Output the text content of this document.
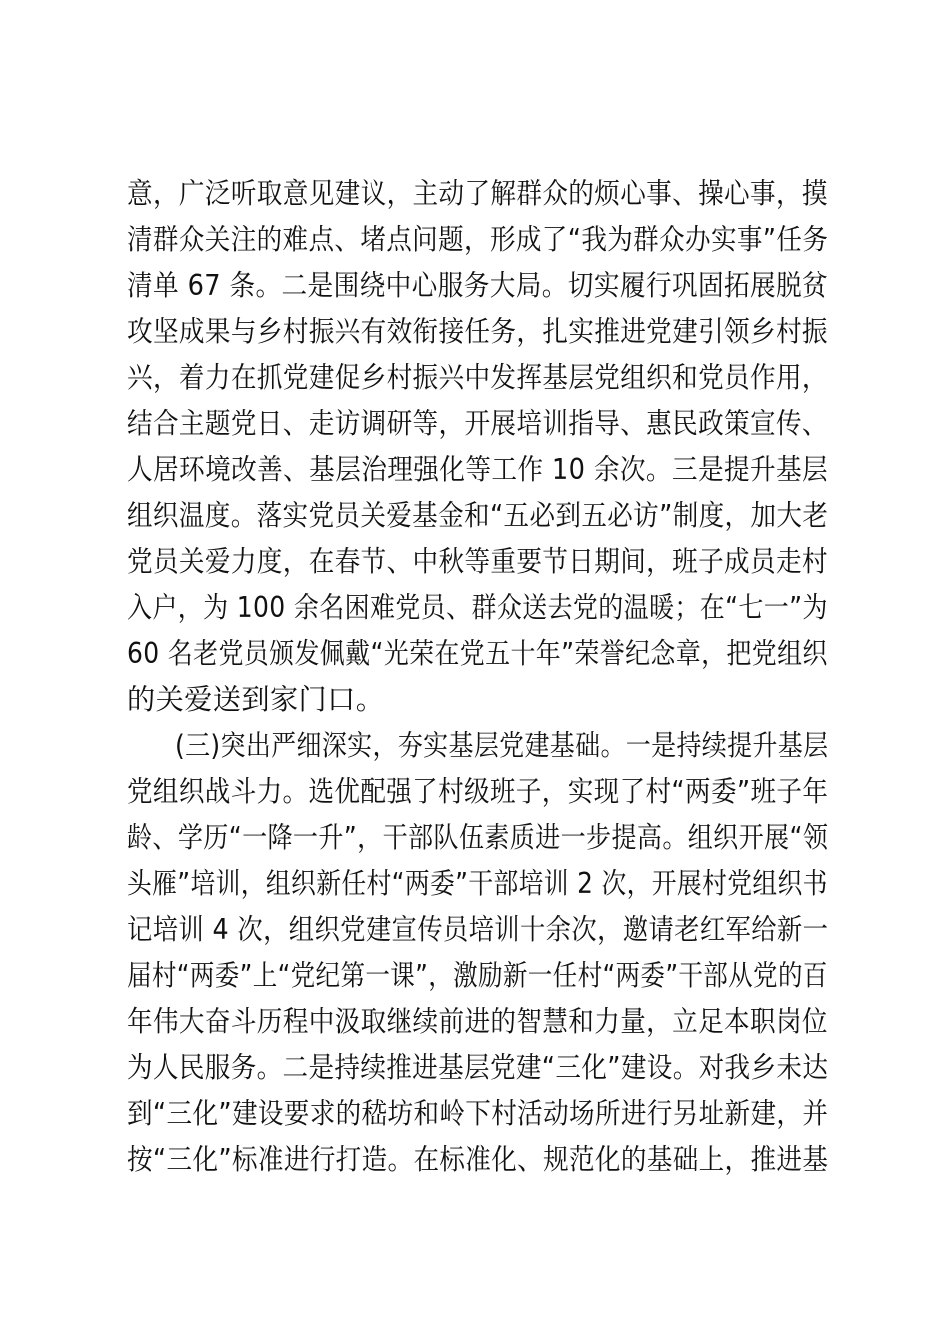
意，广泛听取意见建议，主动了解群众的烦心事、操心事，摸
清群众关注的难点、堵点问题，形成了“我为群众办实事”任务
清单 67 条。二是围绕中心服务大局。切实履行巩固拓展脱贫
攻坚成果与乡村振兴有效衔接任务，扎实推进党建引领乡村振
兴，着力在抓党建促乡村振兴中发挥基层党组织和党员作用，
结合主题党日、走访调研等，开展培训指导、惠民政策宣传、
人居环境改善、基层治理强化等工作 10 余次。三是提升基层
组织温度。落实党员关爱基金和“五必到五必访”制度，加大老
党员关爱力度，在春节、中秋等重要节日期间，班子成员走村
入户，为 100 余名困难党员、群众送去党的温暖；在“七一”为
60 名老党员颁发佩戴“光荣在党五十年”荣誉纪念章，把党组织
的关爱送到家门口。
(三)突出严细深实，夯实基层党建基础。一是持续提升基层
党组织战斗力。选优配强了村级班子，实现了村“两委”班子年
龄、学历“一降一升”，干部队伍素质进一步提高。组织开展“领
头雁”培训，组织新任村“两委”干部培训 2 次，开展村党组织书
记培训 4 次，组织党建宣传员培训十余次，邀请老红军给新一
届村“两委”上“党纪第一课”，激励新一任村“两委”干部从党的百
年伟大奋斗历程中汲取继续前进的智慧和力量，立足本职岗位
为人民服务。二是持续推进基层党建“三化”建设。对我乡未达
到“三化”建设要求的嵇坊和岭下村活动场所进行另址新建，并
按“三化”标准进行打造。在标准化、规范化的基础上，推进基
